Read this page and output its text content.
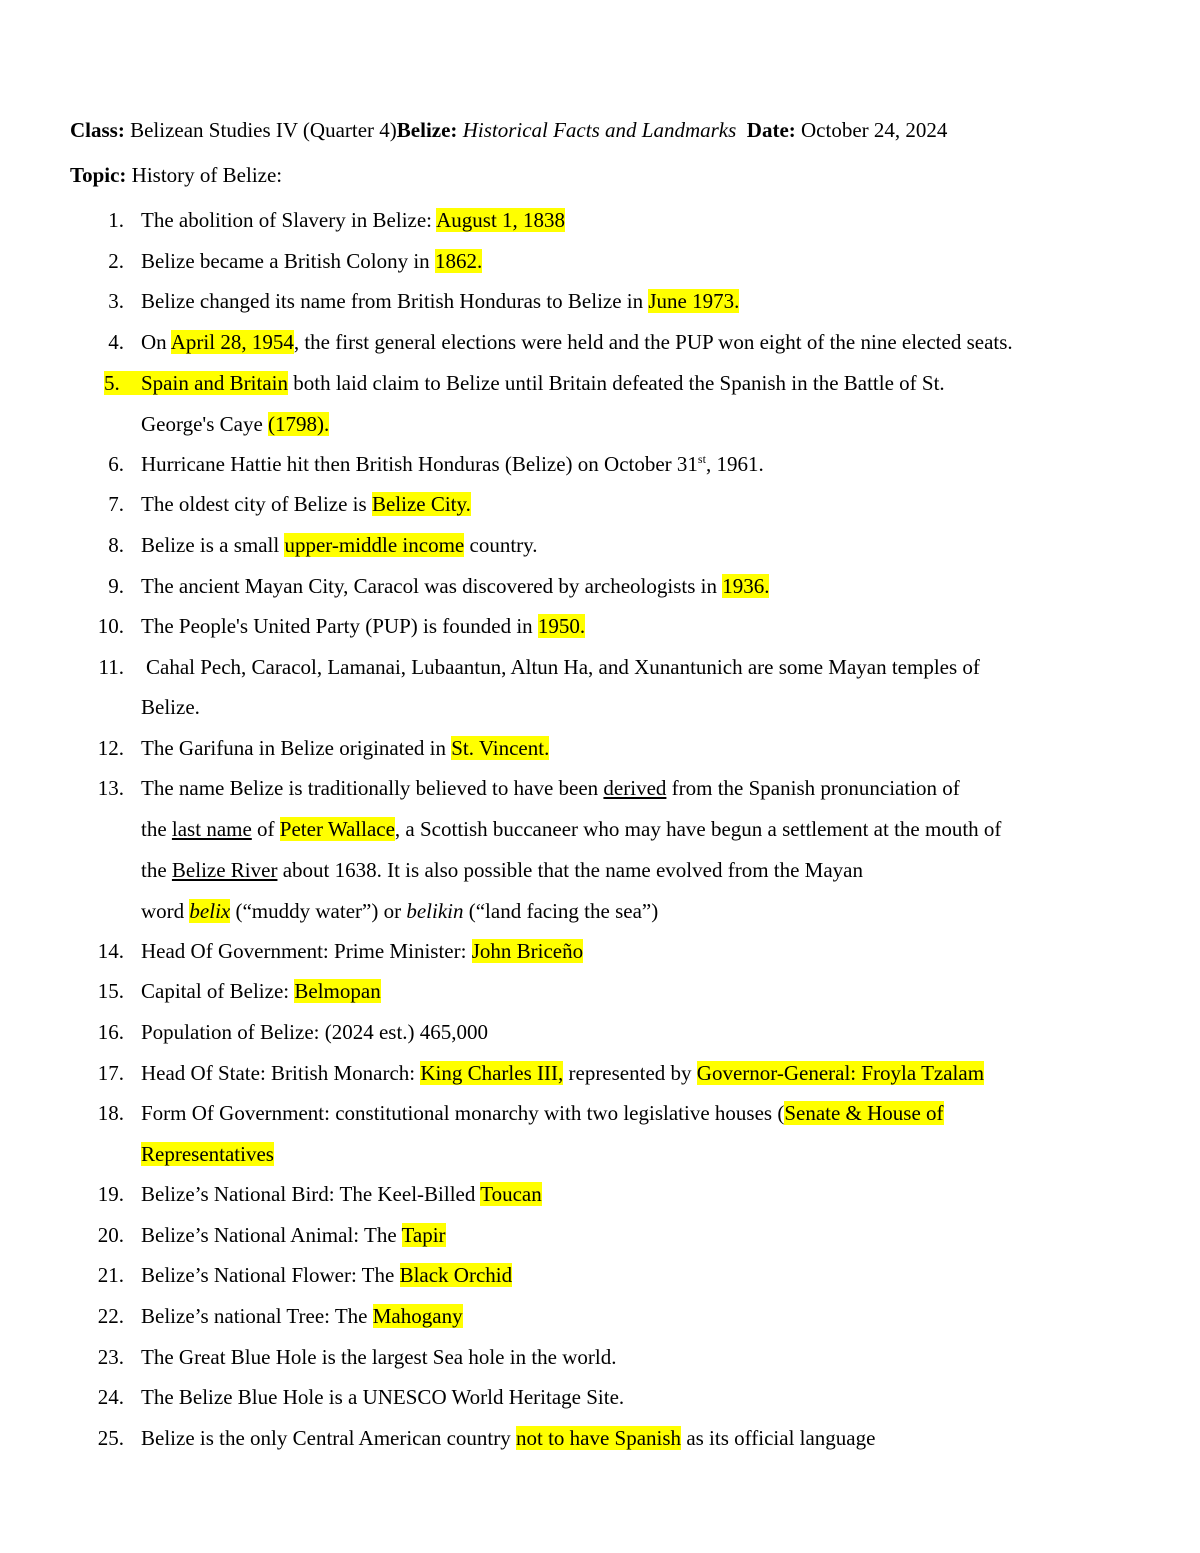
Class: Belizean Studies IV (Quarter 4)Belize: Historical Facts and Landmarks Date: October 24, 2024
Topic: History of Belize:
1. The abolition of Slavery in Belize: August 1, 1838
2. Belize became a British Colony in 1862.
3. Belize changed its name from British Honduras to Belize in June 1973.
4. On April 28, 1954, the first general elections were held and the PUP won eight of the nine elected seats.
5.	Spain and Britain both laid claim to Belize until Britain defeated the Spanish in the Battle of St.
George's Caye (1798).
6. Hurricane Hattie hit then British Honduras (Belize) on October 31st, 1961.
7. The oldest city of Belize is Belize City.
8. Belize is a small upper-middle income country.
9. The ancient Mayan City, Caracol was discovered by archeologists in 1936.
10. The People's United Party (PUP) is founded in 1950.
11. Cahal Pech, Caracol, Lamanai, Lubaantun, Altun Ha, and Xunantunich are some Mayan temples of
Belize.
12. The Garifuna in Belize originated in St. Vincent.
13. The name Belize is traditionally believed to have been derived from the Spanish pronunciation of
the last name of Peter Wallace, a Scottish buccaneer who may have begun a settlement at the mouth of
the Belize River about 1638. It is also possible that the name evolved from the Mayan
word belix (“muddy water”) or belikin (“land facing the sea”)
14. Head Of Government: Prime Minister: John Briceño
15. Capital of Belize: Belmopan
16. Population of Belize: (2024 est.) 465,000
17. Head Of State: British Monarch: King Charles III, represented by Governor-General: Froyla Tzalam
18. Form Of Government: constitutional monarchy with two legislative houses (Senate & House of
Representatives
19. Belize’s National Bird: The Keel-Billed Toucan
20. Belize’s National Animal: The Tapir
21. Belize’s National Flower: The Black Orchid
22. Belize’s national Tree: The Mahogany
23. The Great Blue Hole is the largest Sea hole in the world.
24. The Belize Blue Hole is a UNESCO World Heritage Site.
25. Belize is the only Central American country not to have Spanish as its official language
